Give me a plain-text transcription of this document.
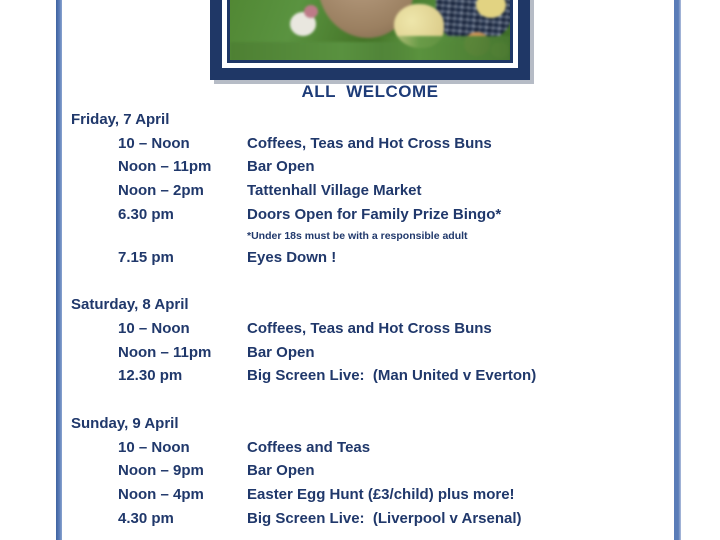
ALL  WELCOME
Friday, 7 April
10 – Noon	Coffees, Teas and Hot Cross Buns
Noon – 11pm	Bar Open
Noon – 2pm	Tattenhall Village Market
6.30 pm	Doors Open for Family Prize Bingo*
*Under 18s must be with a responsible adult
7.15 pm	Eyes Down !
Saturday, 8 April
10 – Noon	Coffees, Teas and Hot Cross Buns
Noon – 11pm	Bar Open
12.30 pm	Big Screen Live:  (Man United v Everton)
Sunday, 9 April
10 – Noon	Coffees and Teas
Noon – 9pm	Bar Open
Noon – 4pm	Easter Egg Hunt (£3/child) plus more!
4.30 pm	Big Screen Live:  (Liverpool v Arsenal)
